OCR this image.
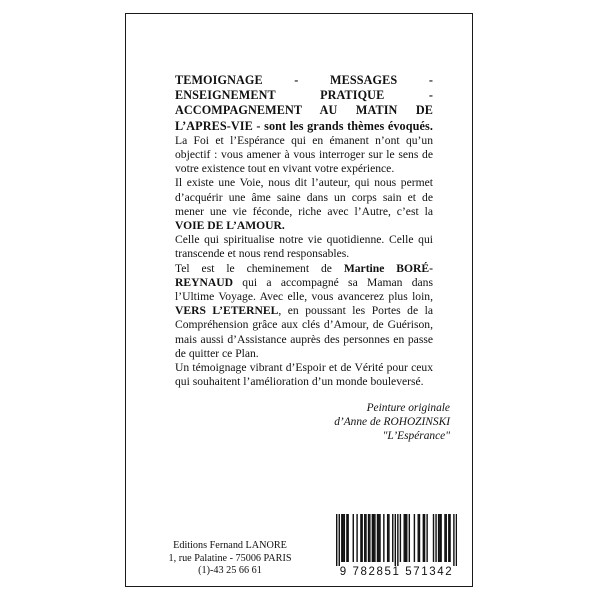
TEMOIGNAGE - MESSAGES - ENSEIGNEMENT PRATIQUE - ACCOMPAGNEMENT AU MATIN DE L’APRES-VIE - sont les grands thèmes évoqués. La Foi et l’Espérance qui en émanent n’ont qu’un objectif : vous amener à vous interroger sur le sens de votre existence tout en vivant votre expérience.

Il existe une Voie, nous dit l’auteur, qui nous permet d’acquérir une âme saine dans un corps sain et de mener une vie féconde, riche avec l’Autre, c’est la VOIE DE L’AMOUR.

Celle qui spiritualise notre vie quotidienne. Celle qui transcende et nous rend responsables.

Tel est le cheminement de Martine BORÉ-REYNAUD qui a accompagné sa Maman dans l’Ultime Voyage. Avec elle, vous avancerez plus loin, VERS L’ETERNEL, en poussant les Portes de la Compréhension grâce aux clés d’Amour, de Guérison, mais aussi d’Assistance auprès des personnes en passe de quitter ce Plan.

Un témoignage vibrant d’Espoir et de Vérité pour ceux qui souhaitent l’amélioration d’un monde bouleversé.

Peinture originale
d’Anne de ROHOZINSKI
"L’Espérance"
Editions Fernand LANORE
1, rue Palatine - 75006 PARIS
(1)-43 25 66 61	9 782851 571342
